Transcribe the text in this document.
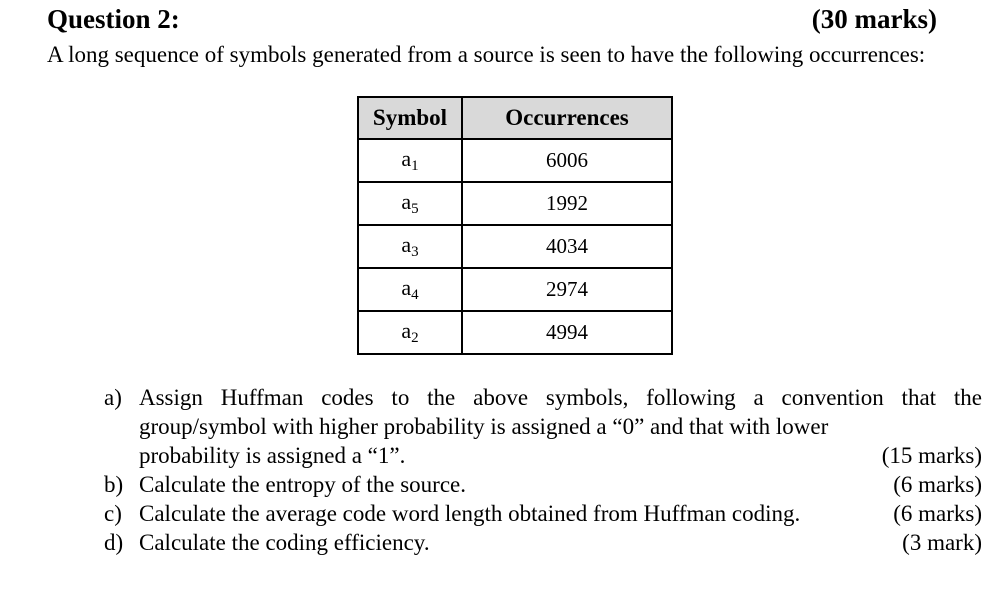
Question 2:	(30 marks)
A long sequence of symbols generated from a source is seen to have the following occurrences:
Symbol	Occurrences
a1	6006
a5	1992
a3	4034
a4	2974
a2	4994
a) Assign Huffman codes to the above symbols, following a convention that the group/symbol with higher probability is assigned a “0” and that with lower
probability is assigned a “1”.	(15 marks)
b) Calculate the entropy of the source.	(6 marks)
c) Calculate the average code word length obtained from Huffman coding.	(6 marks)
d) Calculate the coding efficiency.	(3 mark)
